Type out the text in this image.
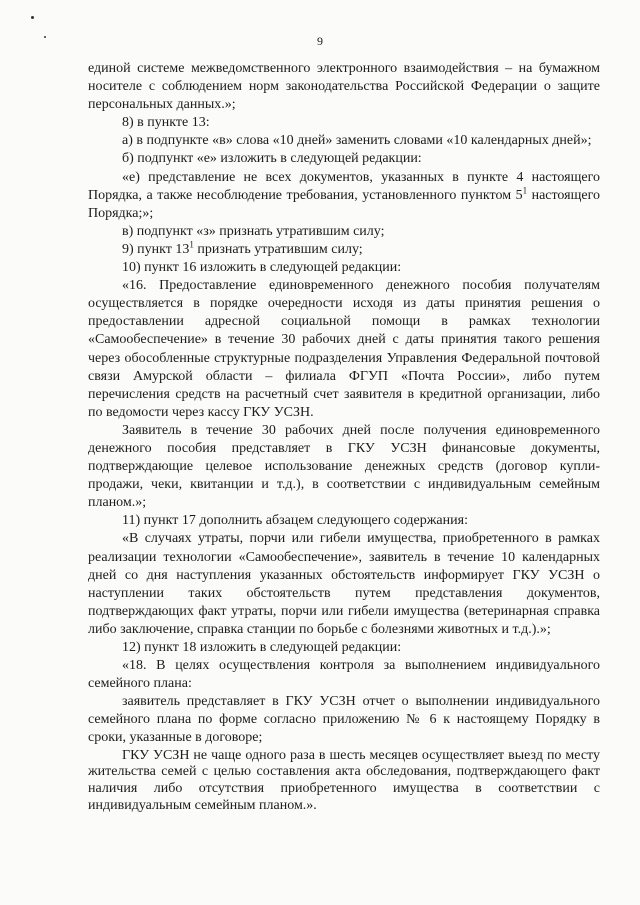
9

единой системе межведомственного электронного взаимодействия – на бумажном носителе с соблюдением норм законодательства Российской Федерации о защите персональных данных.»;

8) в пункте 13:

а) в подпункте «в» слова «10 дней» заменить словами «10 календарных дней»;

б) подпункт «е» изложить в следующей редакции:

«е) представление не всех документов, указанных в пункте 4 настоящего Порядка, а также несоблюдение требования, установленного пунктом $5^1$ настоящего Порядка;»;

в) подпункт «з» признать утратившим силу;

9) пункт $13^1$ признать утратившим силу;

10) пункт 16 изложить в следующей редакции:

«16. Предоставление единовременного денежного пособия получателям осуществляется в порядке очередности исходя из даты принятия решения о предоставлении адресной социальной помощи в рамках технологии «Самообеспечение» в течение 30 рабочих дней с даты принятия такого решения через обособленные структурные подразделения Управления Федеральной почтовой связи Амурской области – филиала ФГУП «Почта России», либо путем перечисления средств на расчетный счет заявителя в кредитной организации, либо по ведомости через кассу ГКУ УСЗН.

Заявитель в течение 30 рабочих дней после получения единовременного денежного пособия представляет в ГКУ УСЗН финансовые документы, подтверждающие целевое использование денежных средств (договор купли-продажи, чеки, квитанции и т.д.), в соответствии с индивидуальным семейным планом.»;

11) пункт 17 дополнить абзацем следующего содержания:

«В случаях утраты, порчи или гибели имущества, приобретенного в рамках реализации технологии «Самообеспечение», заявитель в течение 10 календарных дней со дня наступления указанных обстоятельств информирует ГКУ УСЗН о наступлении таких обстоятельств путем представления документов, подтверждающих факт утраты, порчи или гибели имущества (ветеринарная справка либо заключение, справка станции по борьбе с болезнями животных и т.д.).»;

12) пункт 18 изложить в следующей редакции:

«18. В целях осуществления контроля за выполнением индивидуального семейного плана:

заявитель представляет в ГКУ УСЗН отчет о выполнении индивидуального семейного плана по форме согласно приложению № 6 к настоящему Порядку в сроки, указанные в договоре;

ГКУ УСЗН не чаще одного раза в шесть месяцев осуществляет выезд по месту жительства семей с целью составления акта обследования, подтверждающего факт наличия либо отсутствия приобретенного имущества в соответствии с индивидуальным семейным планом.».
